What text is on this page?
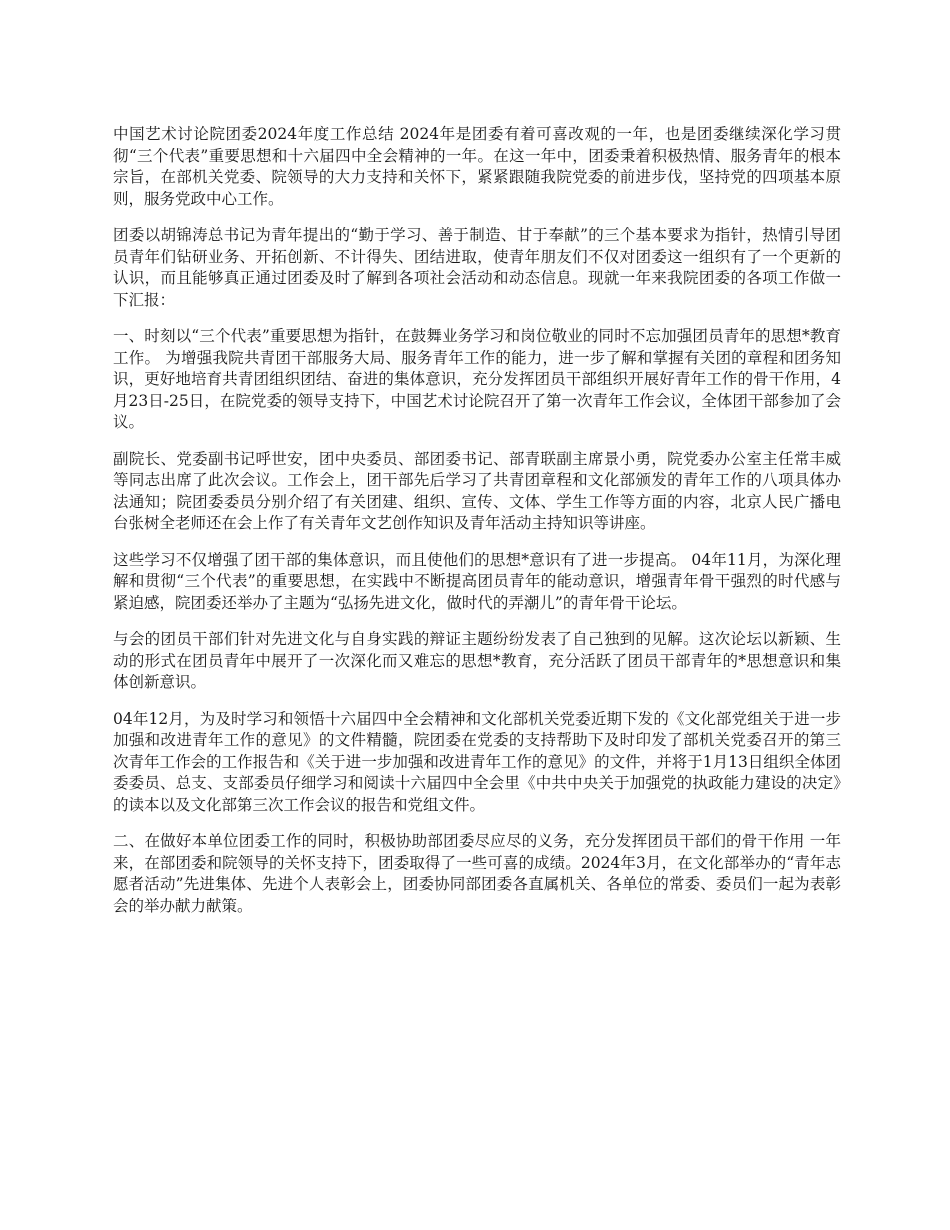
中国艺术讨论院团委2024年度工作总结 2024年是团委有着可喜改观的一年，也是团委继续深化学习贯彻“三个代表”重要思想和十六届四中全会精神的一年。在这一年中，团委秉着积极热情、服务青年的根本宗旨，在部机关党委、院领导的大力支持和关怀下，紧紧跟随我院党委的前进步伐，坚持党的四项基本原则，服务党政中心工作。

团委以胡锦涛总书记为青年提出的“勤于学习、善于制造、甘于奉献”的三个基本要求为指针，热情引导团员青年们钻研业务、开拓创新、不计得失、团结进取，使青年朋友们不仅对团委这一组织有了一个更新的认识，而且能够真正通过团委及时了解到各项社会活动和动态信息。现就一年来我院团委的各项工作做一下汇报：

一、时刻以“三个代表”重要思想为指针，在鼓舞业务学习和岗位敬业的同时不忘加强团员青年的思想*教育工作。 为增强我院共青团干部服务大局、服务青年工作的能力，进一步了解和掌握有关团的章程和团务知识，更好地培育共青团组织团结、奋进的集体意识，充分发挥团员干部组织开展好青年工作的骨干作用，4月23日-25日，在院党委的领导支持下，中国艺术讨论院召开了第一次青年工作会议，全体团干部参加了会议。

副院长、党委副书记呼世安，团中央委员、部团委书记、部青联副主席景小勇，院党委办公室主任常丰威等同志出席了此次会议。工作会上，团干部先后学习了共青团章程和文化部颁发的青年工作的八项具体办法通知；院团委委员分别介绍了有关团建、组织、宣传、文体、学生工作等方面的内容，北京人民广播电台张树全老师还在会上作了有关青年文艺创作知识及青年活动主持知识等讲座。

这些学习不仅增强了团干部的集体意识，而且使他们的思想*意识有了进一步提高。 04年11月，为深化理解和贯彻“三个代表”的重要思想，在实践中不断提高团员青年的能动意识，增强青年骨干强烈的时代感与紧迫感，院团委还举办了主题为“弘扬先进文化，做时代的弄潮儿”的青年骨干论坛。

与会的团员干部们针对先进文化与自身实践的辩证主题纷纷发表了自己独到的见解。这次论坛以新颖、生动的形式在团员青年中展开了一次深化而又难忘的思想*教育，充分活跃了团员干部青年的*思想意识和集体创新意识。

04年12月，为及时学习和领悟十六届四中全会精神和文化部机关党委近期下发的《文化部党组关于进一步加强和改进青年工作的意见》的文件精髓，院团委在党委的支持帮助下及时印发了部机关党委召开的第三次青年工作会的工作报告和《关于进一步加强和改进青年工作的意见》的文件，并将于1月13日组织全体团委委员、总支、支部委员仔细学习和阅读十六届四中全会里《中共中央关于加强党的执政能力建设的决定》的读本以及文化部第三次工作会议的报告和党组文件。

二、在做好本单位团委工作的同时，积极协助部团委尽应尽的义务，充分发挥团员干部们的骨干作用 一年来，在部团委和院领导的关怀支持下，团委取得了一些可喜的成绩。2024年3月，在文化部举办的“青年志愿者活动”先进集体、先进个人表彰会上，团委协同部团委各直属机关、各单位的常委、委员们一起为表彰会的举办献力献策。
